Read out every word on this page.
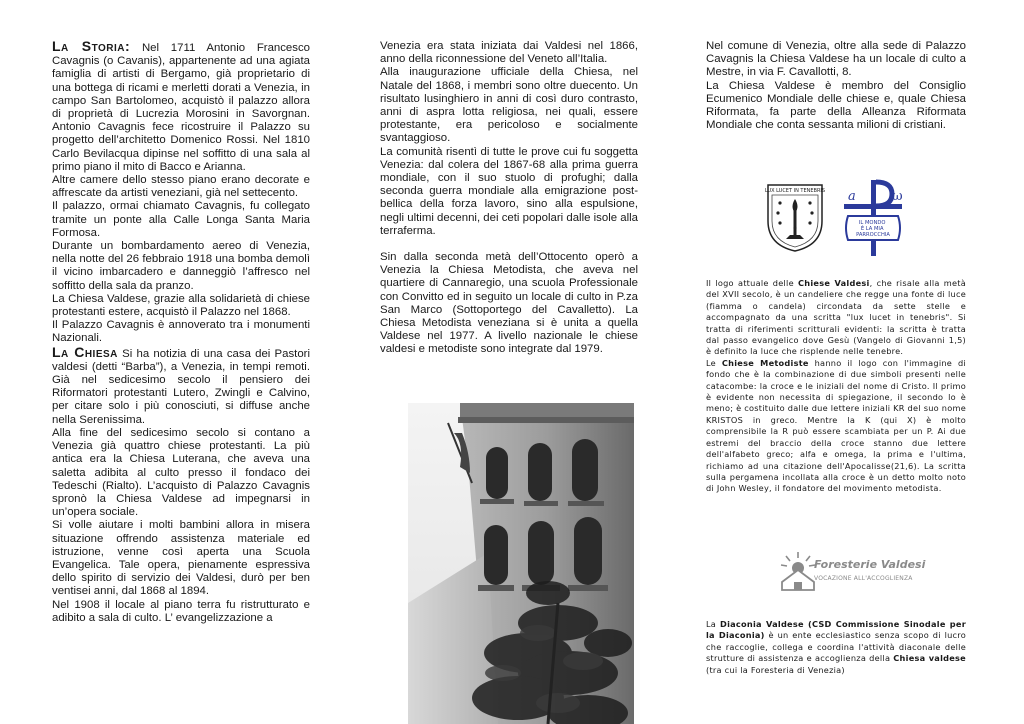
La Storia: Nel 1711 Antonio Francesco Cavagnis (o Cavanis), appartenente ad una agiata famiglia di artisti di Bergamo, già proprietario di una bottega di ricami e merletti dorati a Venezia, in campo San Bartolomeo, acquistò il palazzo allora di proprietà di Lucrezia Morosini in Savorgnan. Antonio Cavagnis fece ricostruire il Palazzo su progetto dell’architetto Domenico Rossi. Nel 1810 Carlo Bevilacqua dipinse nel soffitto di una sala al primo piano il mito di Bacco e Arianna.

Altre camere dello stesso piano erano decorate e affrescate da artisti veneziani, già nel settecento.

Il palazzo, ormai chiamato Cavagnis, fu collegato tramite un ponte alla Calle Longa Santa Maria Formosa.

Durante un bombardamento aereo di Venezia, nella notte del 26 febbraio 1918 una bomba demolì il vicino imbarcadero e danneggiò l’affresco nel soffitto della sala da pranzo.

La Chiesa Valdese, grazie alla solidarietà di chiese protestanti estere, acquistò il Palazzo nel 1868.

Il Palazzo Cavagnis è annoverato tra i monumenti Nazionali.

La Chiesa Si ha notizia di una casa dei Pastori valdesi (detti “Barba”), a Venezia, in tempi remoti. Già nel sedicesimo secolo il pensiero dei Riformatori protestanti Lutero, Zwingli e Calvino, per citare solo i più conosciuti, si diffuse anche nella Serenissima.

Alla fine del sedicesimo secolo si contano a Venezia già quattro chiese protestanti. La più antica era la Chiesa Luterana, che aveva una saletta adibita al culto presso il fondaco dei Tedeschi (Rialto). L’acquisto di Palazzo Cavagnis spronò la Chiesa Valdese ad impegnarsi in un’opera sociale.

Si volle aiutare i molti bambini allora in misera situazione offrendo assistenza materiale ed istruzione, venne così aperta una Scuola Evangelica. Tale opera, pienamente espressiva dello spirito di servizio dei Valdesi, durò per ben ventisei anni, dal 1868 al 1894.

Nel 1908 il locale al piano terra fu ristrutturato e adibito a sala di culto. L’ evangelizzazione a

Venezia era stata iniziata dai Valdesi nel 1866, anno della riconnessione del Veneto all’Italia.

Alla inaugurazione ufficiale della Chiesa, nel Natale del 1868, i membri sono oltre duecento. Un risultato lusinghiero in anni di così duro contrasto, anni di aspra lotta religiosa, nei quali, essere protestante, era pericoloso e socialmente svantaggioso.

La comunità risentì di tutte le prove cui fu soggetta Venezia: dal colera del 1867-68 alla prima guerra mondiale, con il suo stuolo di profughi; dalla seconda guerra mondiale alla emigrazione post-bellica della forza lavoro, sino alla espulsione, negli ultimi decenni, dei ceti popolari dalle isole alla terraferma.

Sin dalla seconda metà dell’Ottocento operò a Venezia la Chiesa Metodista, che aveva nel quartiere di Cannaregio, una scuola Professionale con Convitto ed in seguito un locale di culto in P.za San Marco (Sottoportego del Cavalletto). La Chiesa Metodista veneziana si è unita a quella Valdese nel 1977. A livello nazionale le chiese valdesi e metodiste sono integrate dal 1979.

Nel comune di Venezia, oltre alla sede di Palazzo Cavagnis la Chiesa Valdese ha un locale di culto a Mestre, in via F. Cavallotti, 8.

La Chiesa Valdese è membro del Consiglio Ecumenico Mondiale delle chiese e, quale Chiesa Riformata, fa parte della Alleanza Riformata Mondiale che conta sessanta milioni di cristiani.

LUX LUCET IN TENEBRIS a	ω
IL MONDO È LA MIA PARROCCHIA

Il logo attuale delle Chiese Valdesi, che risale alla metà del XVII secolo, è un candeliere che regge una fonte di luce (fiamma o candela) circondata da sette stelle e accompagnato da una scritta "lux lucet in tenebris". Si tratta di riferimenti scritturali evidenti: la scritta è tratta dal passo evangelico dove Gesù (Vangelo di Giovanni 1,5) è definito la luce che risplende nelle tenebre.

Le Chiese Metodiste hanno il logo con l'immagine di fondo che è la combinazione di due simboli presenti nelle catacombe: la croce e le iniziali del nome di Cristo. Il primo è evidente non necessita di spiegazione, il secondo lo è meno; è costituito dalle due lettere iniziali KR del suo nome KRISTOS in greco. Mentre la K (qui X) è molto comprensibile la R può essere scambiata per un P. Ai due estremi del braccio della croce stanno due lettere dell'alfabeto greco; alfa e omega, la prima e l'ultima, richiamo ad una citazione dell'Apocalisse(21,6). La scritta sulla pergamena incollata alla croce è un detto molto noto di John Wesley, il fondatore del movimento metodista.

Foresterie Valdesi
VOCAZIONE ALL'ACCOGLIENZA

La Diaconia Valdese (CSD Commissione Sinodale per la Diaconia) è un ente ecclesiastico senza scopo di lucro che raccoglie, collega e coordina l'attività diaconale delle strutture di assistenza e accoglienza della Chiesa valdese (tra cui la Foresteria di Venezia)
